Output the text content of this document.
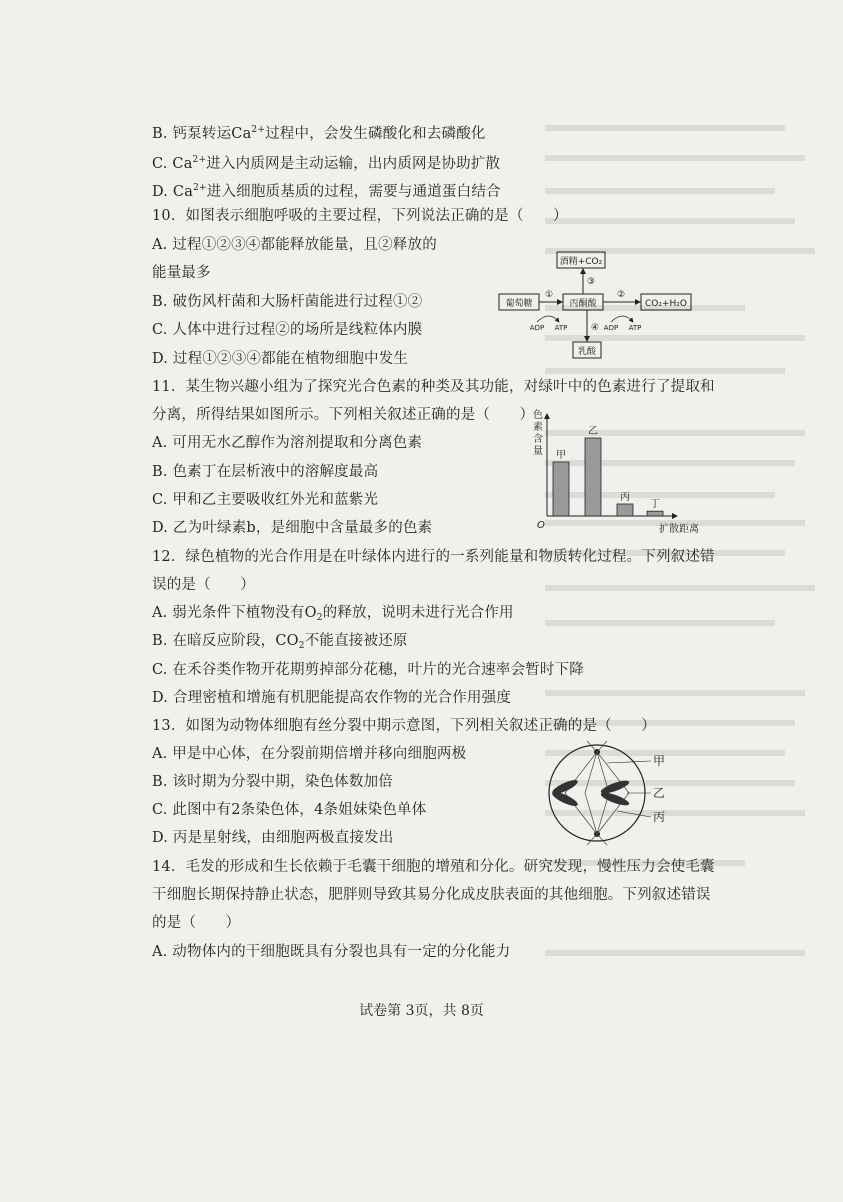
B. 钙泵转运$Ca^{2+}$过程中，会发生磷酸化和去磷酸化
C. $Ca^{2+}$进入内质网是主动运输，出内质网是协助扩散
D. $Ca^{2+}$进入细胞质基质的过程，需要与通道蛋白结合
10．如图表示细胞呼吸的主要过程，下列说法正确的是（　　）
A. 过程①②③④都能释放能量，且②释放的
能量最多
B. 破伤风杆菌和大肠杆菌能进行过程①②
C. 人体中进行过程②的场所是线粒体内膜
D. 过程①②③④都能在植物细胞中发生
酒精+CO₂
葡萄糖	丙酮酸	CO₂+H₂O
乳酸
①	②
③
④
ADP ATP	ADP ATP
11．某生物兴趣小组为了探究光合色素的种类及其功能，对绿叶中的色素进行了提取和
分离，所得结果如图所示。下列相关叙述正确的是（　　）
A. 可用无水乙醇作为溶剂提取和分离色素
B. 色素丁在层析液中的溶解度最高
C. 甲和乙主要吸收红外光和蓝紫光
D. 乙为叶绿素b，是细胞中含量最多的色素
色
素
含
量
O	扩散距离
甲
乙
丙
丁
12．绿色植物的光合作用是在叶绿体内进行的一系列能量和物质转化过程。下列叙述错
误的是（　　）
A. 弱光条件下植物没有$O_2$的释放，说明未进行光合作用
B. 在暗反应阶段，$CO_2$不能直接被还原
C. 在禾谷类作物开花期剪掉部分花穗，叶片的光合速率会暂时下降
D. 合理密植和增施有机肥能提高农作物的光合作用强度
13．如图为动物体细胞有丝分裂中期示意图，下列相关叙述正确的是（　　）
A. 甲是中心体，在分裂前期倍增并移向细胞两极
B. 该时期为分裂中期，染色体数加倍
C. 此图中有2条染色体，4条姐妹染色单体
D. 丙是星射线，由细胞两极直接发出
甲
乙
丙
14．毛发的形成和生长依赖于毛囊干细胞的增殖和分化。研究发现，慢性压力会使毛囊
干细胞长期保持静止状态，肥胖则导致其易分化成皮肤表面的其他细胞。下列叙述错误
的是（　　）
A. 动物体内的干细胞既具有分裂也具有一定的分化能力
试卷第 3页，共 8页
